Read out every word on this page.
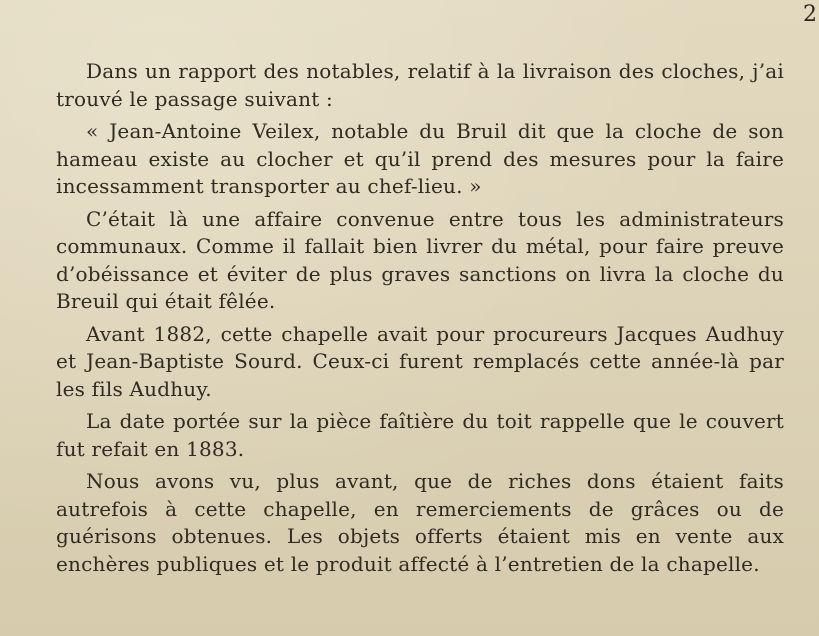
2

Dans un rapport des notables, relatif à la livraison des cloches, j’ai trouvé le passage suivant :

« Jean-Antoine Veilex, notable du Bruil dit que la cloche de son hameau existe au clocher et qu’il prend des mesures pour la faire incessamment transporter au chef-lieu. »

C’était là une affaire convenue entre tous les administrateurs communaux. Comme il fallait bien livrer du métal, pour faire preuve d’obéissance et éviter de plus graves sanctions on livra la cloche du Breuil qui était fêlée.

Avant 1882, cette chapelle avait pour procureurs Jacques Audhuy et Jean-Baptiste Sourd. Ceux-ci furent remplacés cette année-là par les fils Audhuy.

La date portée sur la pièce faîtière du toit rappelle que le couvert fut refait en 1883.

Nous avons vu, plus avant, que de riches dons étaient faits autrefois à cette chapelle, en remerciements de grâces ou de guérisons obtenues. Les objets offerts étaient mis en vente aux enchères publiques et le produit affecté à l’entretien de la chapelle.
